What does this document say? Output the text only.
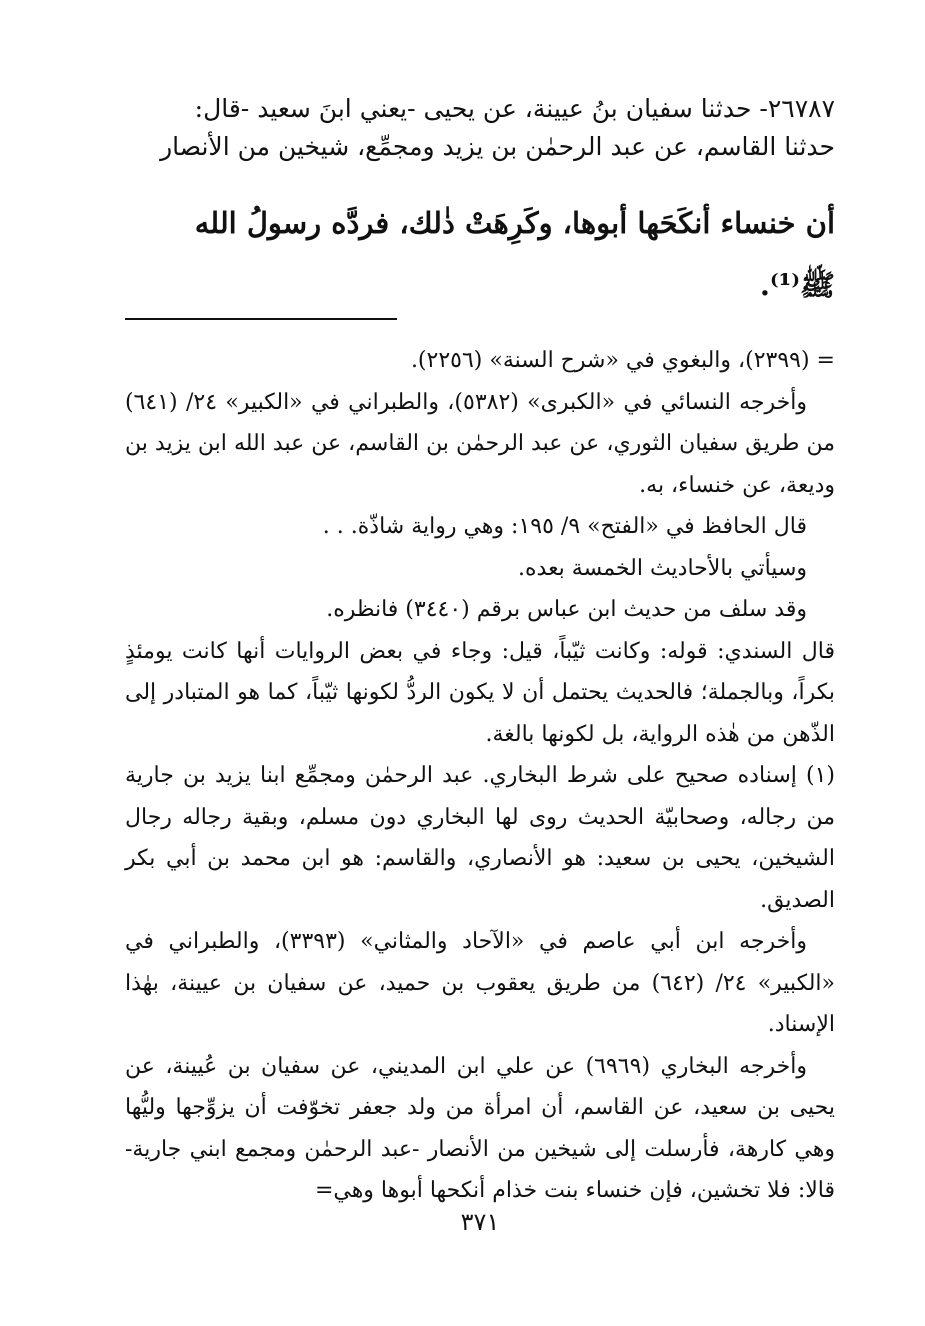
٢٦٧٨٧- حدثنا سفيان بنُ عيينة، عن يحيى -يعني ابنَ سعيد -قال:

حدثنا القاسم، عن عبد الرحمٰن بن يزيد ومجمِّع، شيخين من الأنصار

أن خنساء أنكَحَها أبوها، وكَرِهَتْ ذٰلك، فردَّه رسولُ الله

ﷺ⁽¹⁾.

= (٢٣٩٩)، والبغوي في «شرح السنة» (٢٢٥٦).

وأخرجه النسائي في «الكبرى» (٥٣٨٢)، والطبراني في «الكبير» ٢٤/ (٦٤١) من طريق سفيان الثوري، عن عبد الرحمٰن بن القاسم، عن عبد الله ابن يزيد بن وديعة، عن خنساء، به.

قال الحافظ في «الفتح» ٩/ ١٩٥: وهي رواية شاذّة. . .

وسيأتي بالأحاديث الخمسة بعده.

وقد سلف من حديث ابن عباس برقم (٣٤٤٠) فانظره.

قال السندي: قوله: وكانت ثيّباً، قيل: وجاء في بعض الروايات أنها كانت يومئذٍ بكراً، وبالجملة؛ فالحديث يحتمل أن لا يكون الردُّ لكونها ثيّباً، كما هو المتبادر إلى الذّهن من هٰذه الرواية، بل لكونها بالغة.

(١) إسناده صحيح على شرط البخاري. عبد الرحمٰن ومجمِّع ابنا يزيد بن جارية من رجاله، وصحابيّة الحديث روى لها البخاري دون مسلم، وبقية رجاله رجال الشيخين، يحيى بن سعيد: هو الأنصاري، والقاسم: هو ابن محمد بن أبي بكر الصديق.

وأخرجه ابن أبي عاصم في «الآحاد والمثاني» (٣٣٩٣)، والطبراني في «الكبير» ٢٤/ (٦٤٢) من طريق يعقوب بن حميد، عن سفيان بن عيينة، بهٰذا الإسناد.

وأخرجه البخاري (٦٩٦٩) عن علي ابن المديني، عن سفيان بن عُيينة، عن يحيى بن سعيد، عن القاسم، أن امرأة من ولد جعفر تخوّفت أن يزوِّجها وليُّها وهي كارهة، فأرسلت إلى شيخين من الأنصار -عبد الرحمٰن ومجمع ابني جارية- قالا: فلا تخشين، فإن خنساء بنت خذام أنكحها أبوها وهي=

٣٧١
